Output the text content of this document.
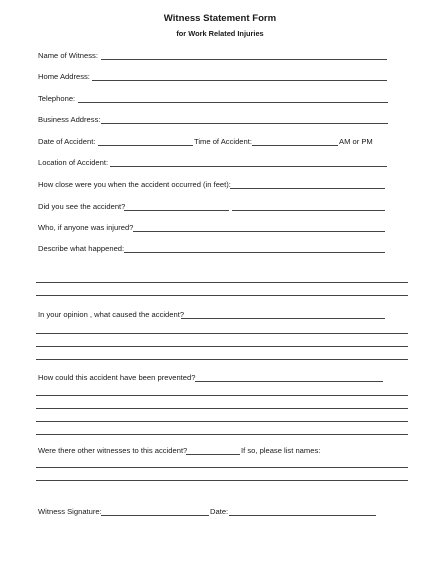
Witness Statement Form
for Work Related Injuries
Name of Witness:
Home Address:
Telephone:
Business Address:
Date of Accident:	Time of Accident:	AM or PM
Location of Accident:
How close were you when the accident occurred (in feet):
Did you see the accident?
Who, if anyone was injured?
Describe what happened:
In your opinion , what caused the accident?
How could this accident have been prevented?
Were there other witnesses to this accident?	If so, please list names:
Witness Signature:	Date:
